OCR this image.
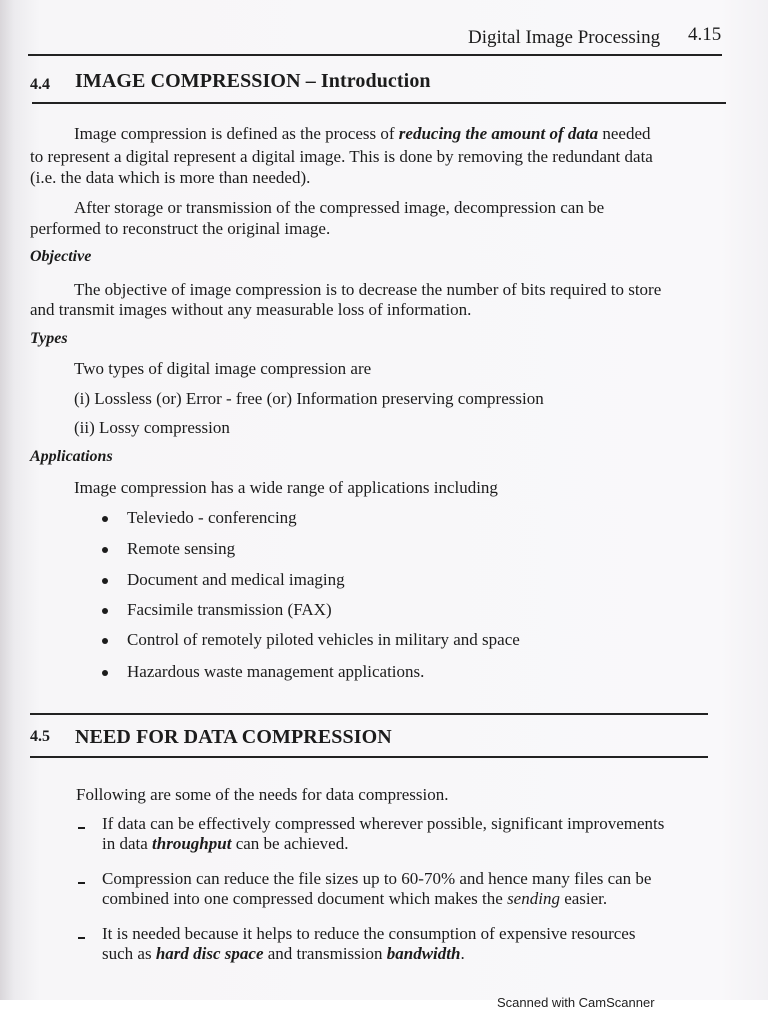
Digital Image Processing 4.15
4.4 IMAGE COMPRESSION – Introduction
Image compression is defined as the process of reducing the amount of data needed
to represent a digital represent a digital image. This is done by removing the redundant data
(i.e. the data which is more than needed).
After storage or transmission of the compressed image, decompression can be
performed to reconstruct the original image.
Objective
The objective of image compression is to decrease the number of bits required to store
and transmit images without any measurable loss of information.
Types
Two types of digital image compression are
(i) Lossless (or) Error - free (or) Information preserving compression
(ii) Lossy compression
Applications
Image compression has a wide range of applications including
Televiedo - conferencing
Remote sensing
Document and medical imaging
Facsimile transmission (FAX)
Control of remotely piloted vehicles in military and space
Hazardous waste management applications.
4.5 NEED FOR DATA COMPRESSION
Following are some of the needs for data compression.
If data can be effectively compressed wherever possible, significant improvements
in data throughput can be achieved.
Compression can reduce the file sizes up to 60-70% and hence many files can be
combined into one compressed document which makes the sending easier.
It is needed because it helps to reduce the consumption of expensive resources
such as hard disc space and transmission bandwidth.
Scanned with CamScanner
